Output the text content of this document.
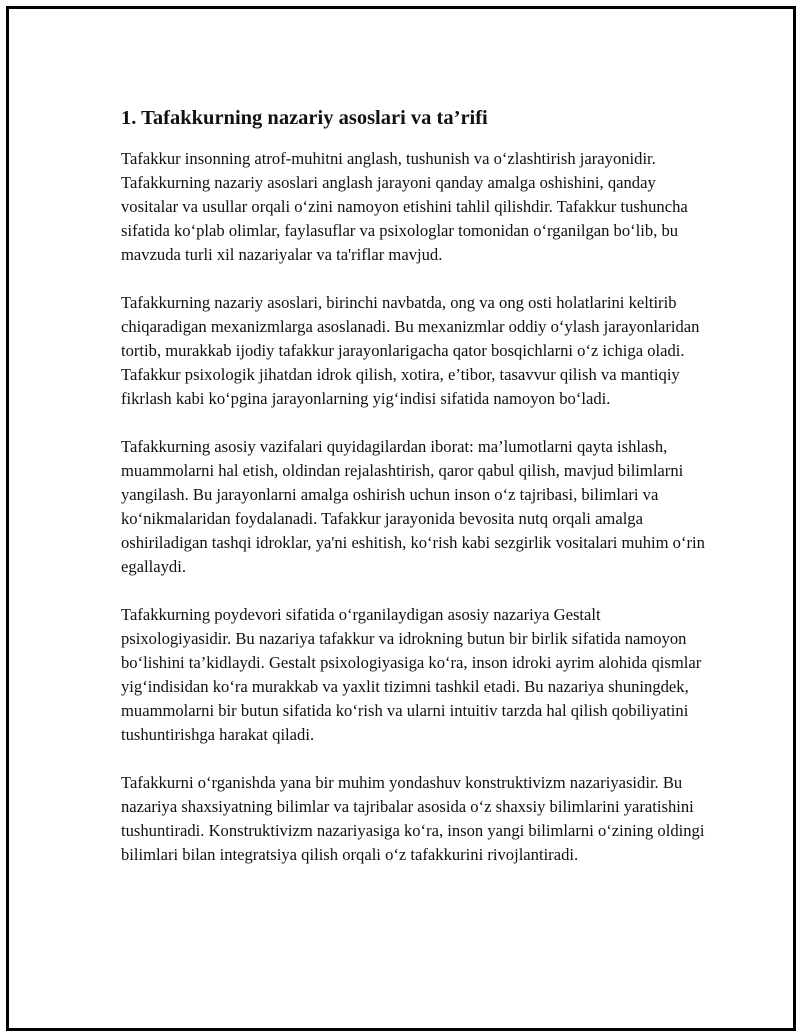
1. Tafakkurning nazariy asoslari va ta’rifi

Tafakkur insonning atrof-muhitni anglash, tushunish va o‘zlashtirish jarayonidir. Tafakkurning nazariy asoslari anglash jarayoni qanday amalga oshishini, qanday vositalar va usullar orqali o‘zini namoyon etishini tahlil qilishdir. Tafakkur tushuncha sifatida ko‘plab olimlar, faylasuflar va psixologlar tomonidan o‘rganilgan bo‘lib, bu mavzuda turli xil nazariyalar va ta'riflar mavjud.

Tafakkurning nazariy asoslari, birinchi navbatda, ong va ong osti holatlarini keltirib chiqaradigan mexanizmlarga asoslanadi. Bu mexanizmlar oddiy o‘ylash jarayonlaridan tortib, murakkab ijodiy tafakkur jarayonlarigacha qator bosqichlarni o‘z ichiga oladi. Tafakkur psixologik jihatdan idrok qilish, xotira, e’tibor, tasavvur qilish va mantiqiy fikrlash kabi ko‘pgina jarayonlarning yig‘indisi sifatida namoyon bo‘ladi.

Tafakkurning asosiy vazifalari quyidagilardan iborat: ma’lumotlarni qayta ishlash, muammolarni hal etish, oldindan rejalashtirish, qaror qabul qilish, mavjud bilimlarni yangilash. Bu jarayonlarni amalga oshirish uchun inson o‘z tajribasi, bilimlari va ko‘nikmalaridan foydalanadi. Tafakkur jarayonida bevosita nutq orqali amalga oshiriladigan tashqi idroklar, ya'ni eshitish, ko‘rish kabi sezgirlik vositalari muhim o‘rin egallaydi.

Tafakkurning poydevori sifatida o‘rganilaydigan asosiy nazariya Gestalt psixologiyasidir. Bu nazariya tafakkur va idrokning butun bir birlik sifatida namoyon bo‘lishini ta’kidlaydi. Gestalt psixologiyasiga ko‘ra, inson idroki ayrim alohida qismlar yig‘indisidan ko‘ra murakkab va yaxlit tizimni tashkil etadi. Bu nazariya shuningdek, muammolarni bir butun sifatida ko‘rish va ularni intuitiv tarzda hal qilish qobiliyatini tushuntirishga harakat qiladi.

Tafakkurni o‘rganishda yana bir muhim yondashuv konstruktivizm nazariyasidir. Bu nazariya shaxsiyatning bilimlar va tajribalar asosida o‘z shaxsiy bilimlarini yaratishini tushuntiradi. Konstruktivizm nazariyasiga ko‘ra, inson yangi bilimlarni o‘zining oldingi bilimlari bilan integratsiya qilish orqali o‘z tafakkurini rivojlantiradi.
